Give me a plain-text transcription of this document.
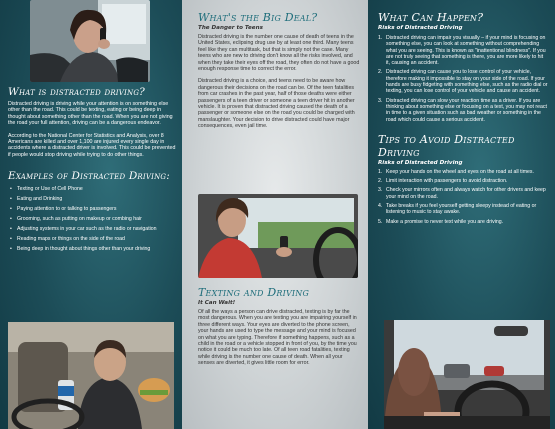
What is distracted driving?

Distracted driving is driving while your attention is on something else other than the road. This could be texting, eating or being deep in thought about something other than the road. When you are not giving the road your full attention, driving can be a dangerous endeavor.

According to the National Center for Statistics and Analysis, over 8 Americans are killed and over 1,100 are injured every single day in accidents where a distracted driver is involved. This could be prevented if people would stop driving while trying to do other things.

Examples of Distracted Driving:
• Texting or Use of Cell Phone
• Eating and Drinking
• Paying attention to or talking to passengers
• Grooming, such as putting on makeup or combing hair
• Adjusting systems in your car such as the radio or navigation
• Reading maps or things on the side of the road
• Being deep in thought about things other than your driving
What's the Big Deal?

The Danger to Teens

Distracted driving is the number one cause of death of teens in the United States, eclipsing drug use by at least one third. Many teens feel like they can multitask, but that is simply not the case. Many teens who are new to driving don't know all the risks involved, and when they take their eyes off the road, they often do not have a good enough response time to correct the error.

Distracted driving is a choice, and teens need to be aware how dangerous their decisions on the road can be. Of the teen fatalities from car crashes in the past year, half of those deaths were either passengers of a teen driver or someone a teen driver hit in another vehicle. It is proven that distracted driving caused the death of a passenger or someone else on the road you could be charged with manslaughter. Your decision to drive distracted could have major consequences, even jail time.

Texting and Driving

It Can Wait!

Of all the ways a person can drive distracted, texting is by far the most dangerous. When you are texting you are impairing yourself in three different ways. Your eyes are diverted to the phone screen, your hands are used to type the message and your mind is focused on what you are typing. Therefore if something happens, such as a child in the road or a vehicle stopped in front of you, by the time you notice it could be much too late. Of all teen road fatalities, texting while driving is the number one cause of death. When all your senses are diverted, it gives little room for error.

What Can Happen?

Risks of Distracted Driving

1. Distracted driving can impair you visually – if your mind is focusing on something else, you can look at something without comprehending what you are seeing. This is known as "inattentional blindness". If you are not truly seeing that something is there, you are more likely to hit it, causing an accident.
2. Distracted driving can cause you to lose control of your vehicle, therefore making it impossible to stay on your side of the road. If your hands are busy fidgeting with something else, such as the radio dial or texting, you can lose control of your vehicle and cause an accident.
3. Distracted driving can slow your reaction time as a driver. If you are thinking about something else or focusing on a text, you may not react in time to a given situation such as bad weather or something in the road which could cause a serious accident.
Tips to Avoid Distracted Driving

Risks of Distracted Driving

1. Keep your hands on the wheel and eyes on the road at all times.
2. Limit interaction with passengers to avoid distraction.
3. Check your mirrors often and always watch for other drivers and keep your mind on the road.
4. Take breaks if you feel yourself getting sleepy instead of eating or listening to music to stay awake.
5. Make a promise to never text while you are driving.
